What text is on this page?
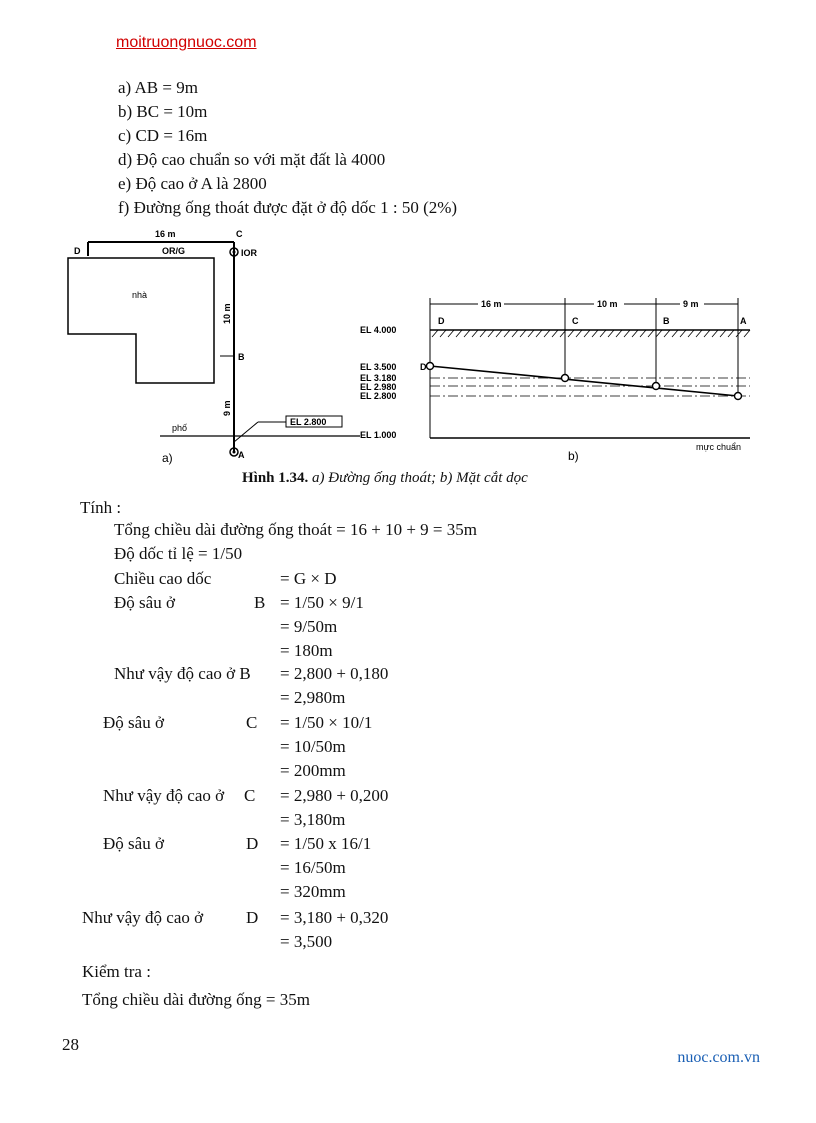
moitruongnuoc.com
a) AB = 9m
b) BC = 10m
c) CD = 16m
d) Độ cao chuẩn so với mặt đất là 4000
e) Độ cao ở A là 2800
f) Đường ống thoát được đặt ở độ dốc 1 : 50 (2%)
16 m	C
D	OR/G
nhà
IOR
10 m
B
9 m
EL 2.800
phố
A
a)
16 m	10 m	9 m
D	C	B	A
D
EL 4.000
EL 3.500
EL 3.180
EL 2.980
EL 2.800
EL 1.000
mực chuẩn
b)
Hình 1.34. a) Đường ống thoát; b) Mặt cắt dọc
Tính :
Tổng chiều dài đường ống thoát = 16 + 10 + 9 = 35m
Độ dốc tỉ lệ = 1/50
Chiều cao dốc	= G × D
Độ sâu ở	B = 1/50 × 9/1
= 9/50m
= 180m
Như vậy độ cao ở B = 2,800 + 0,180
= 2,980m
Độ sâu ở	C = 1/50 × 10/1
= 10/50m
= 200mm
Như vậy độ cao ở C = 2,980 + 0,200
= 3,180m
Độ sâu ở	D = 1/50 x 16/1
= 16/50m
= 320mm
Như vậy độ cao ở	D = 3,180 + 0,320
= 3,500
Kiểm tra :
Tổng chiều dài đường ống = 35m
28
nuoc.com.vn
